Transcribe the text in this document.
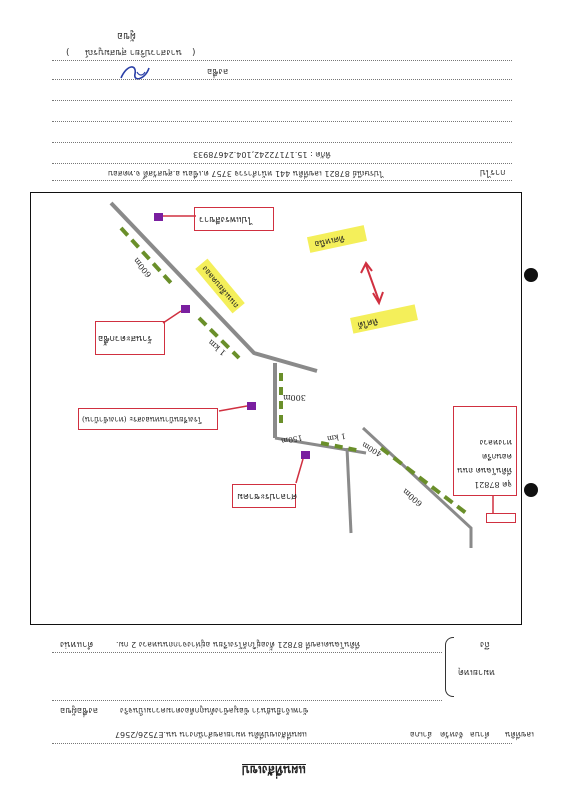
ผู้ขอ
(
นางสาวปริยา สุขสมบูรณ์
)
ลงชื่อ
พิกัด : 15.17172242,104.24678933
ไปรษณีย์ 87821 เลขที่ดิน 441 หน้าสำรวจ 3757 ต.เขื่อน อ.สุขสวัสดิ์ จ.ทดสอบ	การไป
ไปแพรงสีขาว
ร้านสะดวกซื้อ
โรงเรียนบ้านหนองสระ (ทางเข้าบ้าน)
ศาลาประชาคม
จุด 87821 ที่ดินโฉนด ถนนคอนกรีต ทางหลวง
ทิศเหนือ
ทิศใต้
ถนนเลียบคลอง
600m
1 km
300m
150m	1 km
400m
600m
หมายเหตุ
ตำแหน่ง	ที่ดินโฉนดเลขที่ 87821 ตั้งอยู่ใกล้โรงเรียน อยู่ห่างจากถนนหลวง 2 กม.	ถึง
ข้าพเจ้ายืนยันว่า ข้อมูลข้างต้นถูกต้องตามความเป็นจริง
ลงชื่อผู้ขอ
แผนที่สังเขปที่ดิน หมายเลขสำนักงาน นน.E7526/2567	ตำบล
อำเภอ จังหวัด	เลขที่ดิน
แผนที่สังเขป
